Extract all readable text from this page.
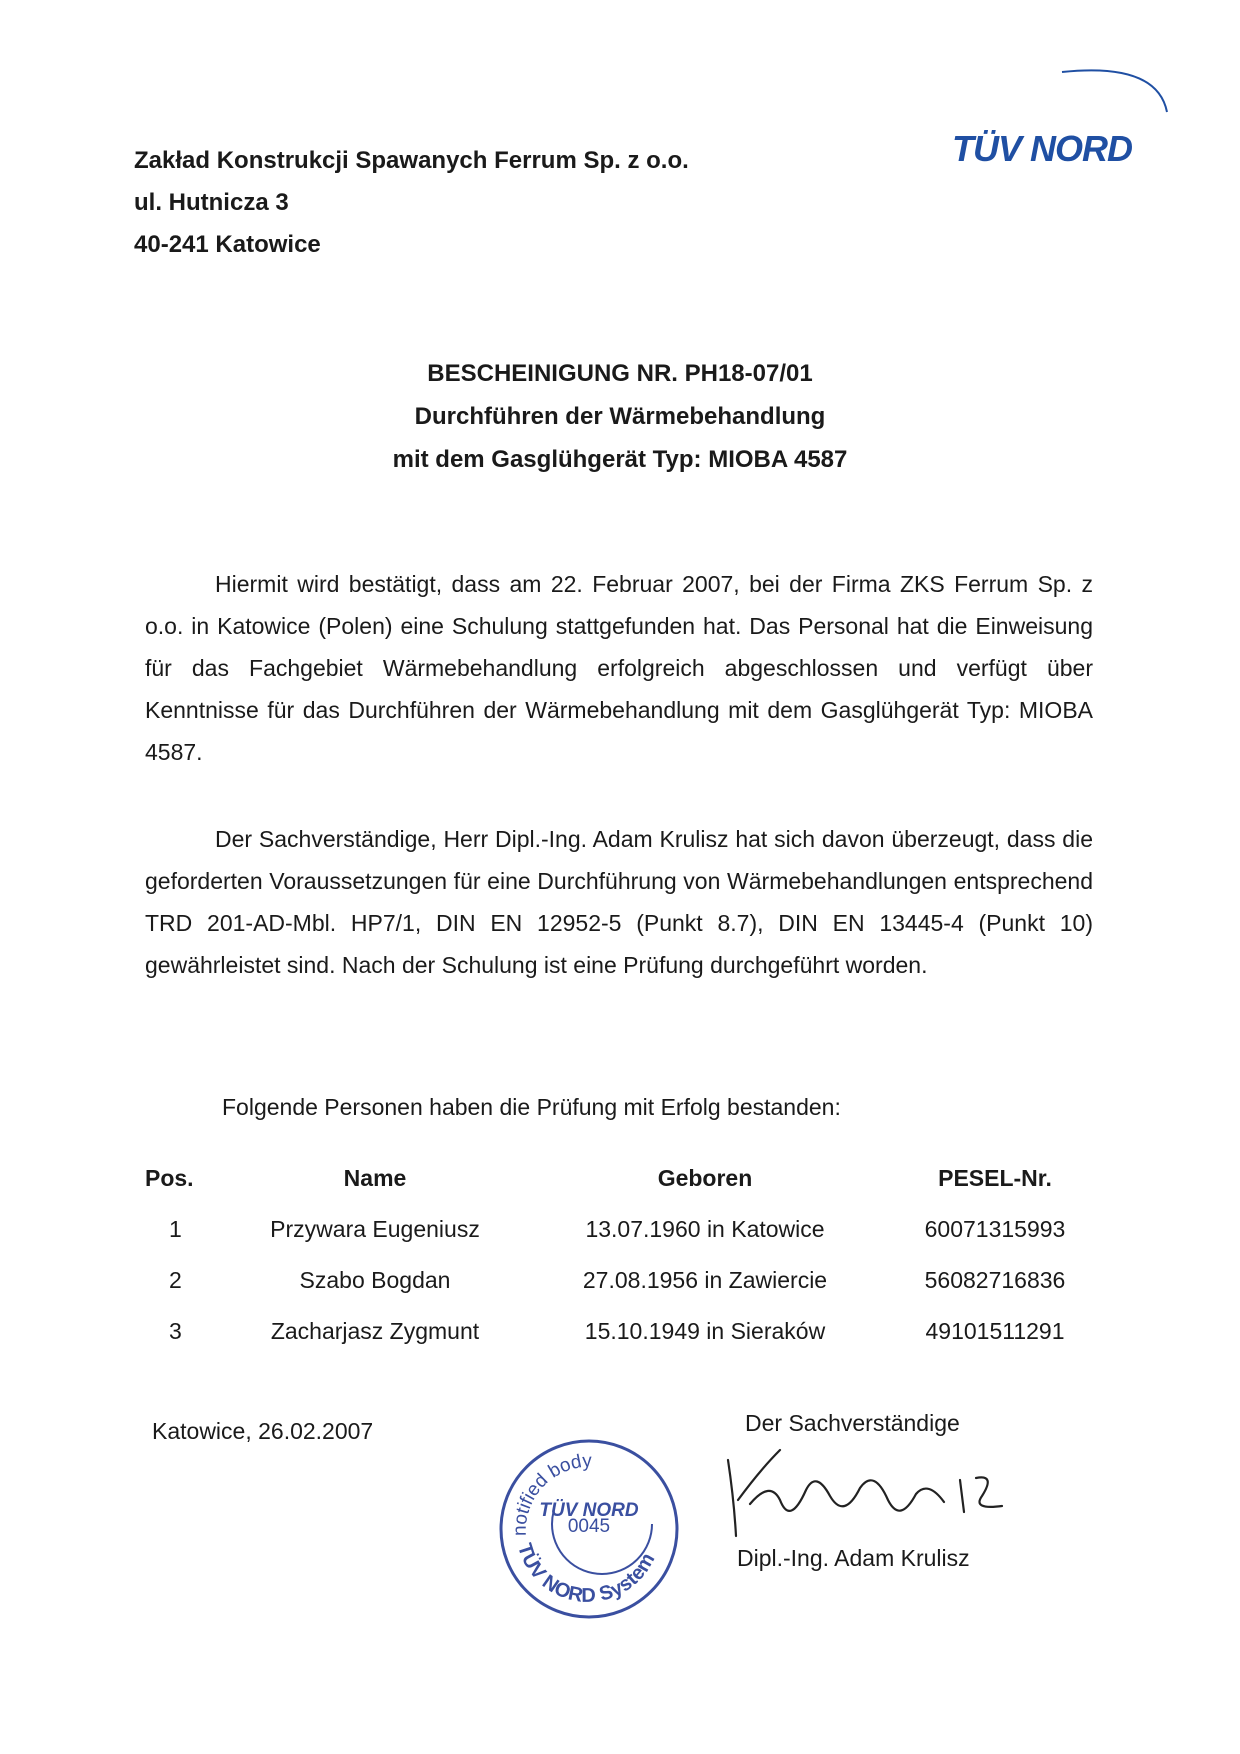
Zakład Konstrukcji Spawanych Ferrum Sp. z o.o.
ul. Hutnicza 3
40-241 Katowice
TÜV NORD
BESCHEINIGUNG NR. PH18-07/01
Durchführen der Wärmebehandlung
mit dem Gasglühgerät Typ: MIOBA 4587
Hiermit wird bestätigt, dass am 22. Februar 2007, bei der Firma ZKS Ferrum Sp. z o.o. in Katowice (Polen) eine Schulung stattgefunden hat. Das Personal hat die Einweisung für das Fachgebiet Wärmebehandlung erfolgreich abgeschlossen und verfügt über Kenntnisse für das Durchführen der Wärmebehandlung mit dem Gasglühgerät Typ: MIOBA 4587.
Der Sachverständige, Herr Dipl.-Ing. Adam Krulisz hat sich davon überzeugt, dass die geforderten Voraussetzungen für eine Durchführung von Wärmebehandlungen entsprechend TRD 201-AD-Mbl. HP7/1, DIN EN 12952-5 (Punkt 8.7), DIN EN 13445-4 (Punkt 10) gewährleistet sind. Nach der Schulung ist eine Prüfung durchgeführt worden.
Folgende Personen haben die Prüfung mit Erfolg bestanden:
Pos.	Name	Geboren	PESEL-Nr.
1	Przywara Eugeniusz	13.07.1960 in Katowice	60071315993
2	Szabo Bogdan	27.08.1956 in Zawiercie	56082716836
3	Zacharjasz Zygmunt	15.10.1949 in Sieraków	49101511291
Katowice, 26.02.2007	Der Sachverständige
Dipl.-Ing. Adam Krulisz
notified body
TÜV NORD System
TÜV NORD
0045
